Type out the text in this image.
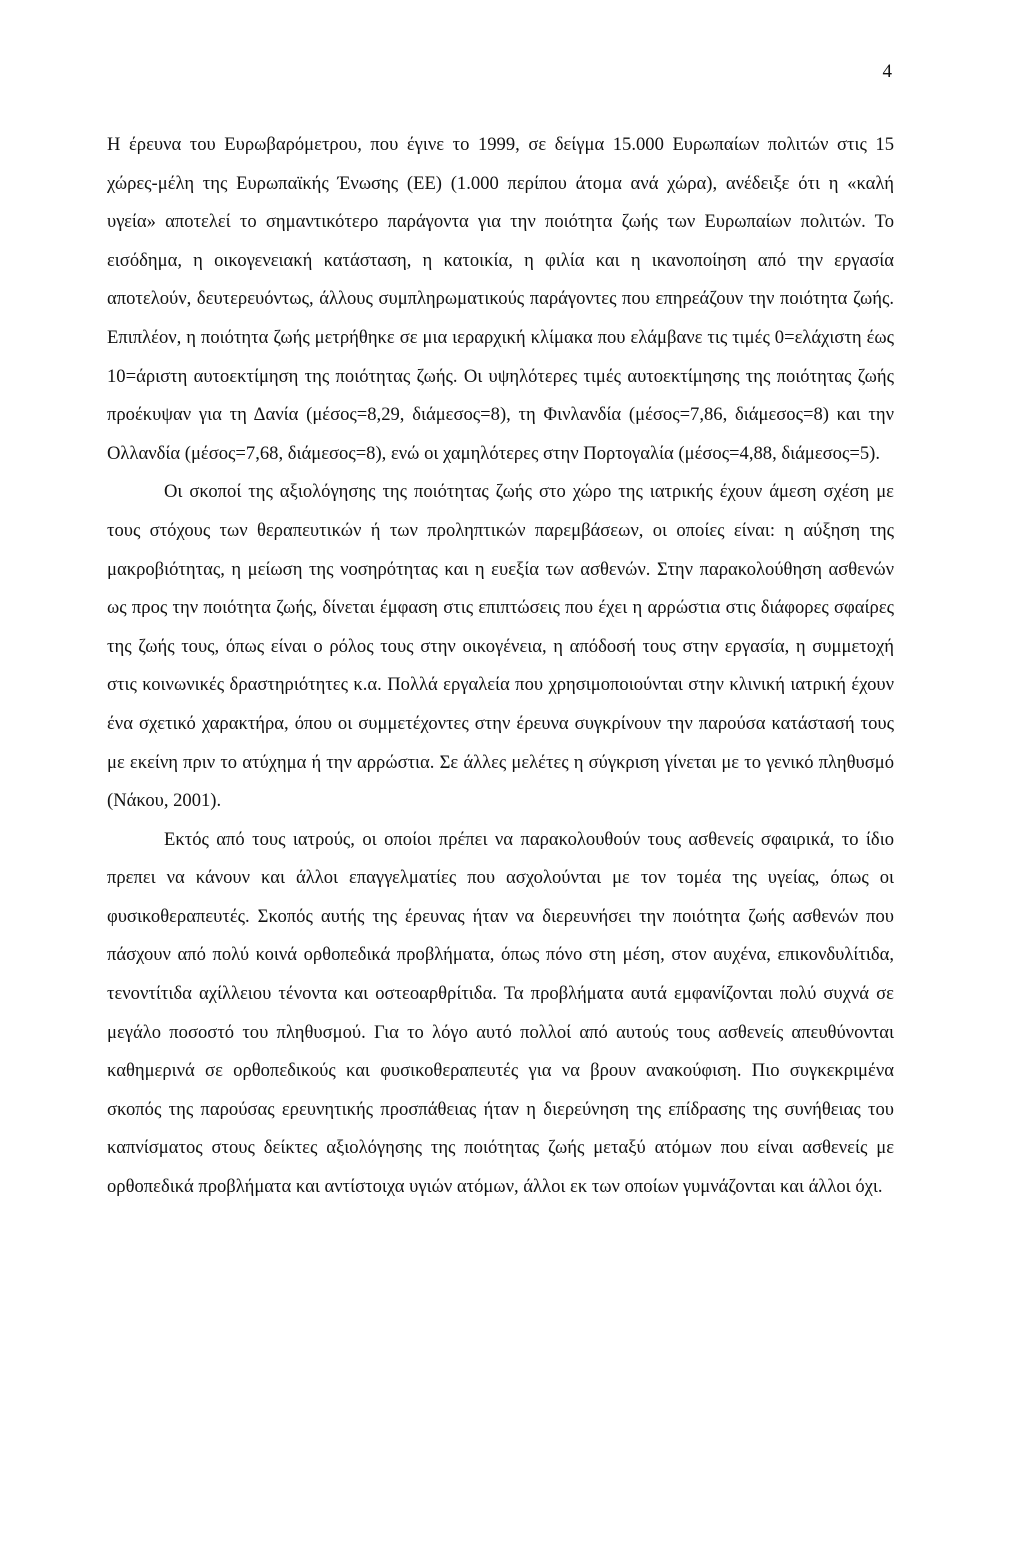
4

Η έρευνα του Ευρωβαρόμετρου, που έγινε το 1999, σε δείγμα 15.000 Ευρωπαίων πολιτών στις 15 χώρες-μέλη της Ευρωπαϊκής Ένωσης (ΕΕ) (1.000 περίπου άτομα ανά χώρα), ανέδειξε ότι η «καλή υγεία» αποτελεί το σημαντικότερο παράγοντα για την ποιότητα ζωής των Ευρωπαίων πολιτών. Το εισόδημα, η οικογενειακή κατάσταση, η κατοικία, η φιλία και η ικανοποίηση από την εργασία αποτελούν, δευτερευόντως, άλλους συμπληρωματικούς παράγοντες που επηρεάζουν την ποιότητα ζωής. Επιπλέον, η ποιότητα ζωής μετρήθηκε σε μια ιεραρχική κλίμακα που ελάμβανε τις τιμές 0=ελάχιστη έως 10=άριστη αυτοεκτίμηση της ποιότητας ζωής. Οι υψηλότερες τιμές αυτοεκτίμησης της ποιότητας ζωής προέκυψαν για τη Δανία (μέσος=8,29, διάμεσος=8), τη Φινλανδία (μέσος=7,86, διάμεσος=8) και την Ολλανδία (μέσος=7,68, διάμεσος=8), ενώ οι χαμηλότερες στην Πορτογαλία (μέσος=4,88, διάμεσος=5).

Οι σκοποί της αξιολόγησης της ποιότητας ζωής στο χώρο της ιατρικής έχουν άμεση σχέση με τους στόχους των θεραπευτικών ή των προληπτικών παρεμβάσεων, οι οποίες είναι: η αύξηση της μακροβιότητας, η μείωση της νοσηρότητας και η ευεξία των ασθενών. Στην παρακολούθηση ασθενών ως προς την ποιότητα ζωής, δίνεται έμφαση στις επιπτώσεις που έχει η αρρώστια στις διάφορες σφαίρες της ζωής τους, όπως είναι ο ρόλος τους στην οικογένεια, η απόδοσή τους στην εργασία, η συμμετοχή στις κοινωνικές δραστηριότητες κ.α. Πολλά εργαλεία που χρησιμοποιούνται στην κλινική ιατρική έχουν ένα σχετικό χαρακτήρα, όπου οι συμμετέχοντες στην έρευνα συγκρίνουν την παρούσα κατάστασή τους με εκείνη πριν το ατύχημα ή την αρρώστια. Σε άλλες μελέτες η σύγκριση γίνεται με το γενικό πληθυσμό (Νάκου, 2001).

Εκτός από τους ιατρούς, οι οποίοι πρέπει να παρακολουθούν τους ασθενείς σφαιρικά, το ίδιο πρεπει να κάνουν και άλλοι επαγγελματίες που ασχολούνται με τον τομέα της υγείας, όπως οι φυσικοθεραπευτές. Σκοπός αυτής της έρευνας ήταν να διερευνήσει την ποιότητα ζωής ασθενών που πάσχουν από πολύ κοινά ορθοπεδικά προβλήματα, όπως πόνο στη μέση, στον αυχένα, επικονδυλίτιδα, τενοντίτιδα αχίλλειου τένοντα και οστεοαρθρίτιδα. Τα προβλήματα αυτά εμφανίζονται πολύ συχνά σε μεγάλο ποσοστό του πληθυσμού. Για το λόγο αυτό πολλοί από αυτούς τους ασθενείς απευθύνονται καθημερινά σε ορθοπεδικούς και φυσικοθεραπευτές για να βρουν ανακούφιση. Πιο συγκεκριμένα σκοπός της παρούσας ερευνητικής προσπάθειας ήταν η διερεύνηση της επίδρασης της συνήθειας του καπνίσματος στους δείκτες αξιολόγησης της ποιότητας ζωής μεταξύ ατόμων που είναι ασθενείς με ορθοπεδικά προβλήματα και αντίστοιχα υγιών ατόμων, άλλοι εκ των οποίων γυμνάζονται και άλλοι όχι.
